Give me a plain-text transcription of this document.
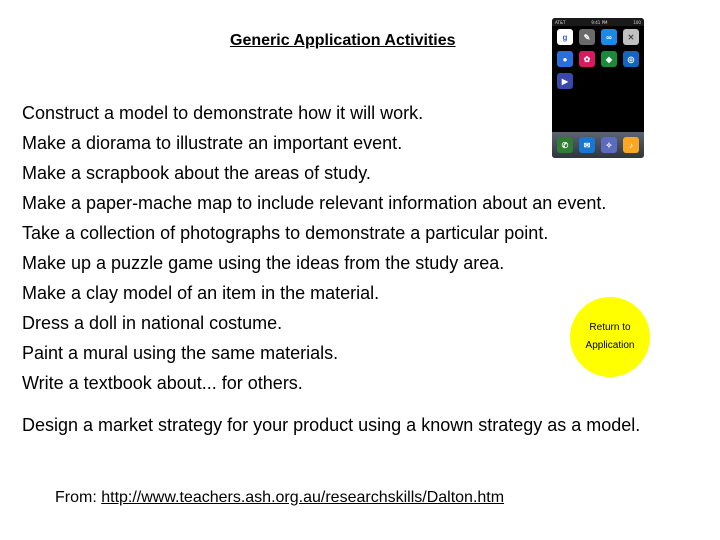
Generic Application Activities
Construct a model to demonstrate how it will work.
Make a diorama to illustrate an important event.
Make a scrapbook about the areas of study.
Make a paper-mache map to include relevant information about an event.
Take a collection of photographs to demonstrate a particular point.
Make up a puzzle game using the ideas from the study area.
Make a clay model of an item in the material.
Dress a doll in national costume.
Paint a mural using the same materials.
Write a textbook about... for others.
Design a market strategy for your product using a known strategy as a model.
From: http://www.teachers.ash.org.au/researchskills/Dalton.htm
Return to
Application
AT&T	9:41 PM	100
g	✎	∞	✕
●	✿	◆	◎
▶
✆	✉	✧	♪
